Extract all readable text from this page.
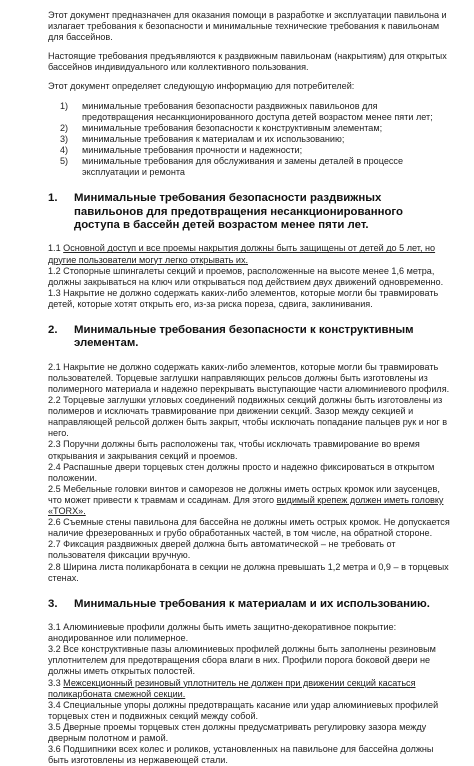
Этот документ предназначен для оказания помощи в разработке и эксплуатации павильона и излагает требования к безопасности и минимальные технические требования к павильонам для бассейнов.

Настоящие требования предъявляются к раздвижным павильонам (накрытиям) для открытых бассейнов индивидуального или коллективного пользования.

Этот документ определяет следующую информацию для потребителей:

1)	минимальные требования безопасности раздвижных павильонов для предотвращения несанкционированного доступа детей возрастом менее пяти лет;
2)	минимальные требования безопасности к конструктивным элементам;
3)	минимальные требования к материалам и их использованию;
4)	минимальные требования прочности и надежности;
5)	минимальные требования для обслуживания и замены деталей в процессе эксплуатации и ремонта
1.	Минимальные требования безопасности раздвижных павильонов для предотвращения несанкционированного доступа в бассейн детей возрастом менее пяти лет.

1.1 Основной доступ и все проемы накрытия должны быть защищены от детей до 5 лет, но другие пользователи могут легко открывать их.

1.2 Стопорные шпингалеты секций и проемов, расположенные на высоте менее 1,6 метра, должны закрываться на ключ или открываться под действием двух движений одновременно.

1.3 Накрытие не должно содержать каких-либо элементов, которые могли бы травмировать детей, которые хотят открыть его, из-за риска пореза, сдвига, заклинивания.

2.	Минимальные требования безопасности к конструктивным элементам.

2.1 Накрытие не должно содержать каких-либо элементов, которые могли бы травмировать пользователей. Торцевые заглушки направляющих рельсов должны быть изготовлены из полимерного материала и надежно перекрывать выступающие части алюминиевого профиля.

2.2 Торцевые заглушки угловых соединений подвижных секций должны быть изготовлены из полимеров и исключать травмирование при движении секций. Зазор между секцией и направляющей рельсой должен быть закрыт, чтобы исключать попадание пальцев рук и ног в него.

2.3 Поручни должны быть расположены так, чтобы исключать травмирование во время открывания и закрывания секций и проемов.

2.4 Распашные двери торцевых стен должны просто и надежно фиксироваться в открытом положении.

2.5 Мебельные головки винтов и саморезов не должны иметь острых кромок или заусенцев, что может привести к травмам и ссадинам. Для этого видимый крепеж должен иметь головку «TORX».

2.6 Съемные стены павильона для бассейна не должны иметь острых кромок. Не допускается наличие фрезерованных и грубо обработанных частей, в том числе, на обратной стороне.

2.7 Фиксация раздвижных дверей должна быть автоматической – не требовать от пользователя фиксации вручную.

2.8 Ширина листа поликарбоната в секции не должна превышать 1,2 метра и 0,9 – в торцевых стенах.

3.	Минимальные требования к материалам и их использованию.

3.1 Алюминиевые профили должны быть иметь защитно-декоративное покрытие: анодированное или полимерное.

3.2 Все конструктивные пазы алюминиевых профилей должны быть заполнены резиновым уплотнителем для предотвращения сбора влаги в них. Профили порога боковой двери не должны иметь открытых полостей.

3.3 Межсекционный резиновый уплотнитель не должен при движении секций касаться поликарбоната смежной секции.

3.4 Специальные упоры должны предотвращать касание или удар алюминиевых профилей торцевых стен и подвижных секций между собой.

3.5 Дверные проемы торцевых стен должны предусматривать регулировку зазора между дверным полотном и рамой.

3.6 Подшипники всех колес и роликов, установленных на павильоне для бассейна должны быть изготовлены из нержавеющей стали.
